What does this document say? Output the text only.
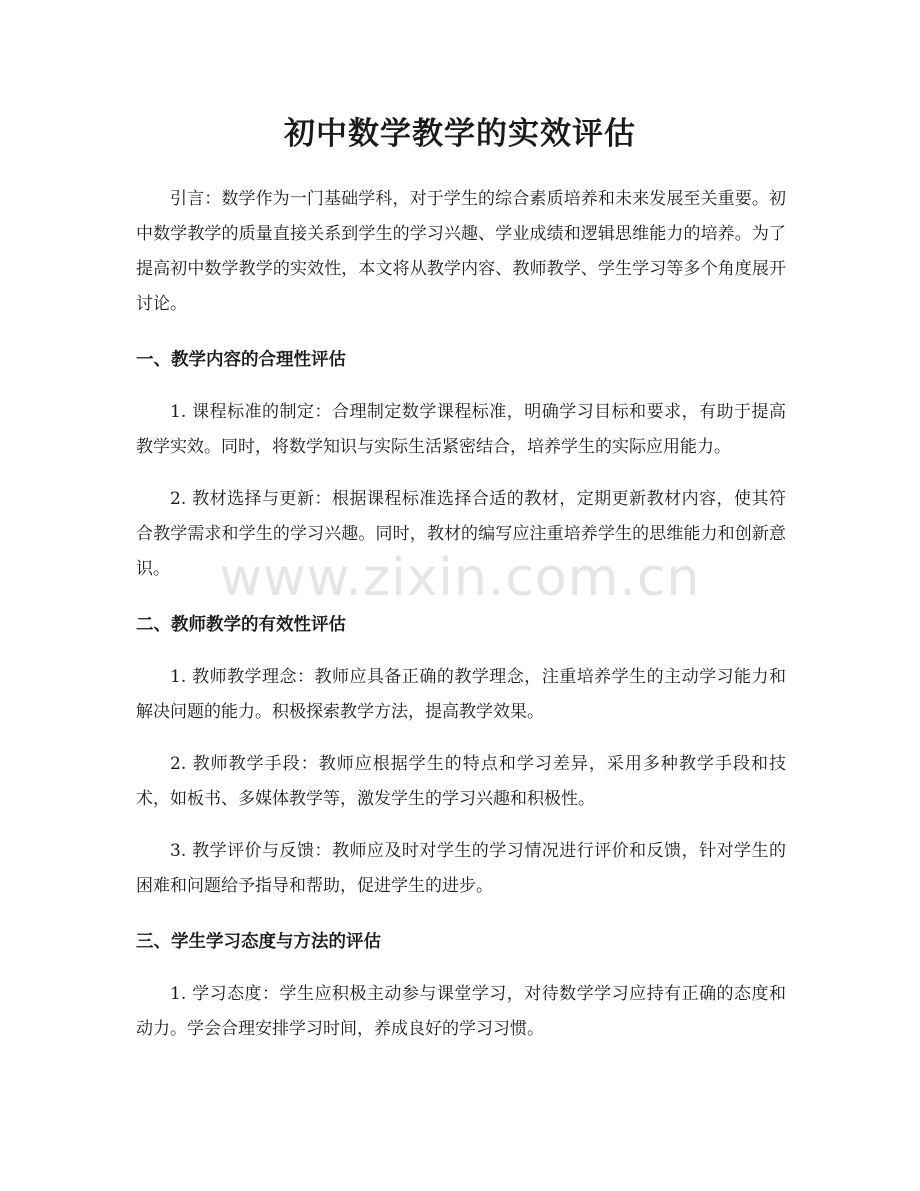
初中数学教学的实效评估

引言：数学作为一门基础学科，对于学生的综合素质培养和未来发展至关重要。初中数学教学的质量直接关系到学生的学习兴趣、学业成绩和逻辑思维能力的培养。为了提高初中数学教学的实效性，本文将从教学内容、教师教学、学生学习等多个角度展开讨论。

一、教学内容的合理性评估

1. 课程标准的制定：合理制定数学课程标准，明确学习目标和要求，有助于提高教学实效。同时，将数学知识与实际生活紧密结合，培养学生的实际应用能力。

2. 教材选择与更新：根据课程标准选择合适的教材，定期更新教材内容，使其符合教学需求和学生的学习兴趣。同时，教材的编写应注重培养学生的思维能力和创新意识。

二、教师教学的有效性评估

1. 教师教学理念：教师应具备正确的教学理念，注重培养学生的主动学习能力和解决问题的能力。积极探索教学方法，提高教学效果。

2. 教师教学手段：教师应根据学生的特点和学习差异，采用多种教学手段和技术，如板书、多媒体教学等，激发学生的学习兴趣和积极性。

3. 教学评价与反馈：教师应及时对学生的学习情况进行评价和反馈，针对学生的困难和问题给予指导和帮助，促进学生的进步。

三、学生学习态度与方法的评估

1. 学习态度：学生应积极主动参与课堂学习，对待数学学习应持有正确的态度和动力。学会合理安排学习时间，养成良好的学习习惯。

www.zixin.com.cn
